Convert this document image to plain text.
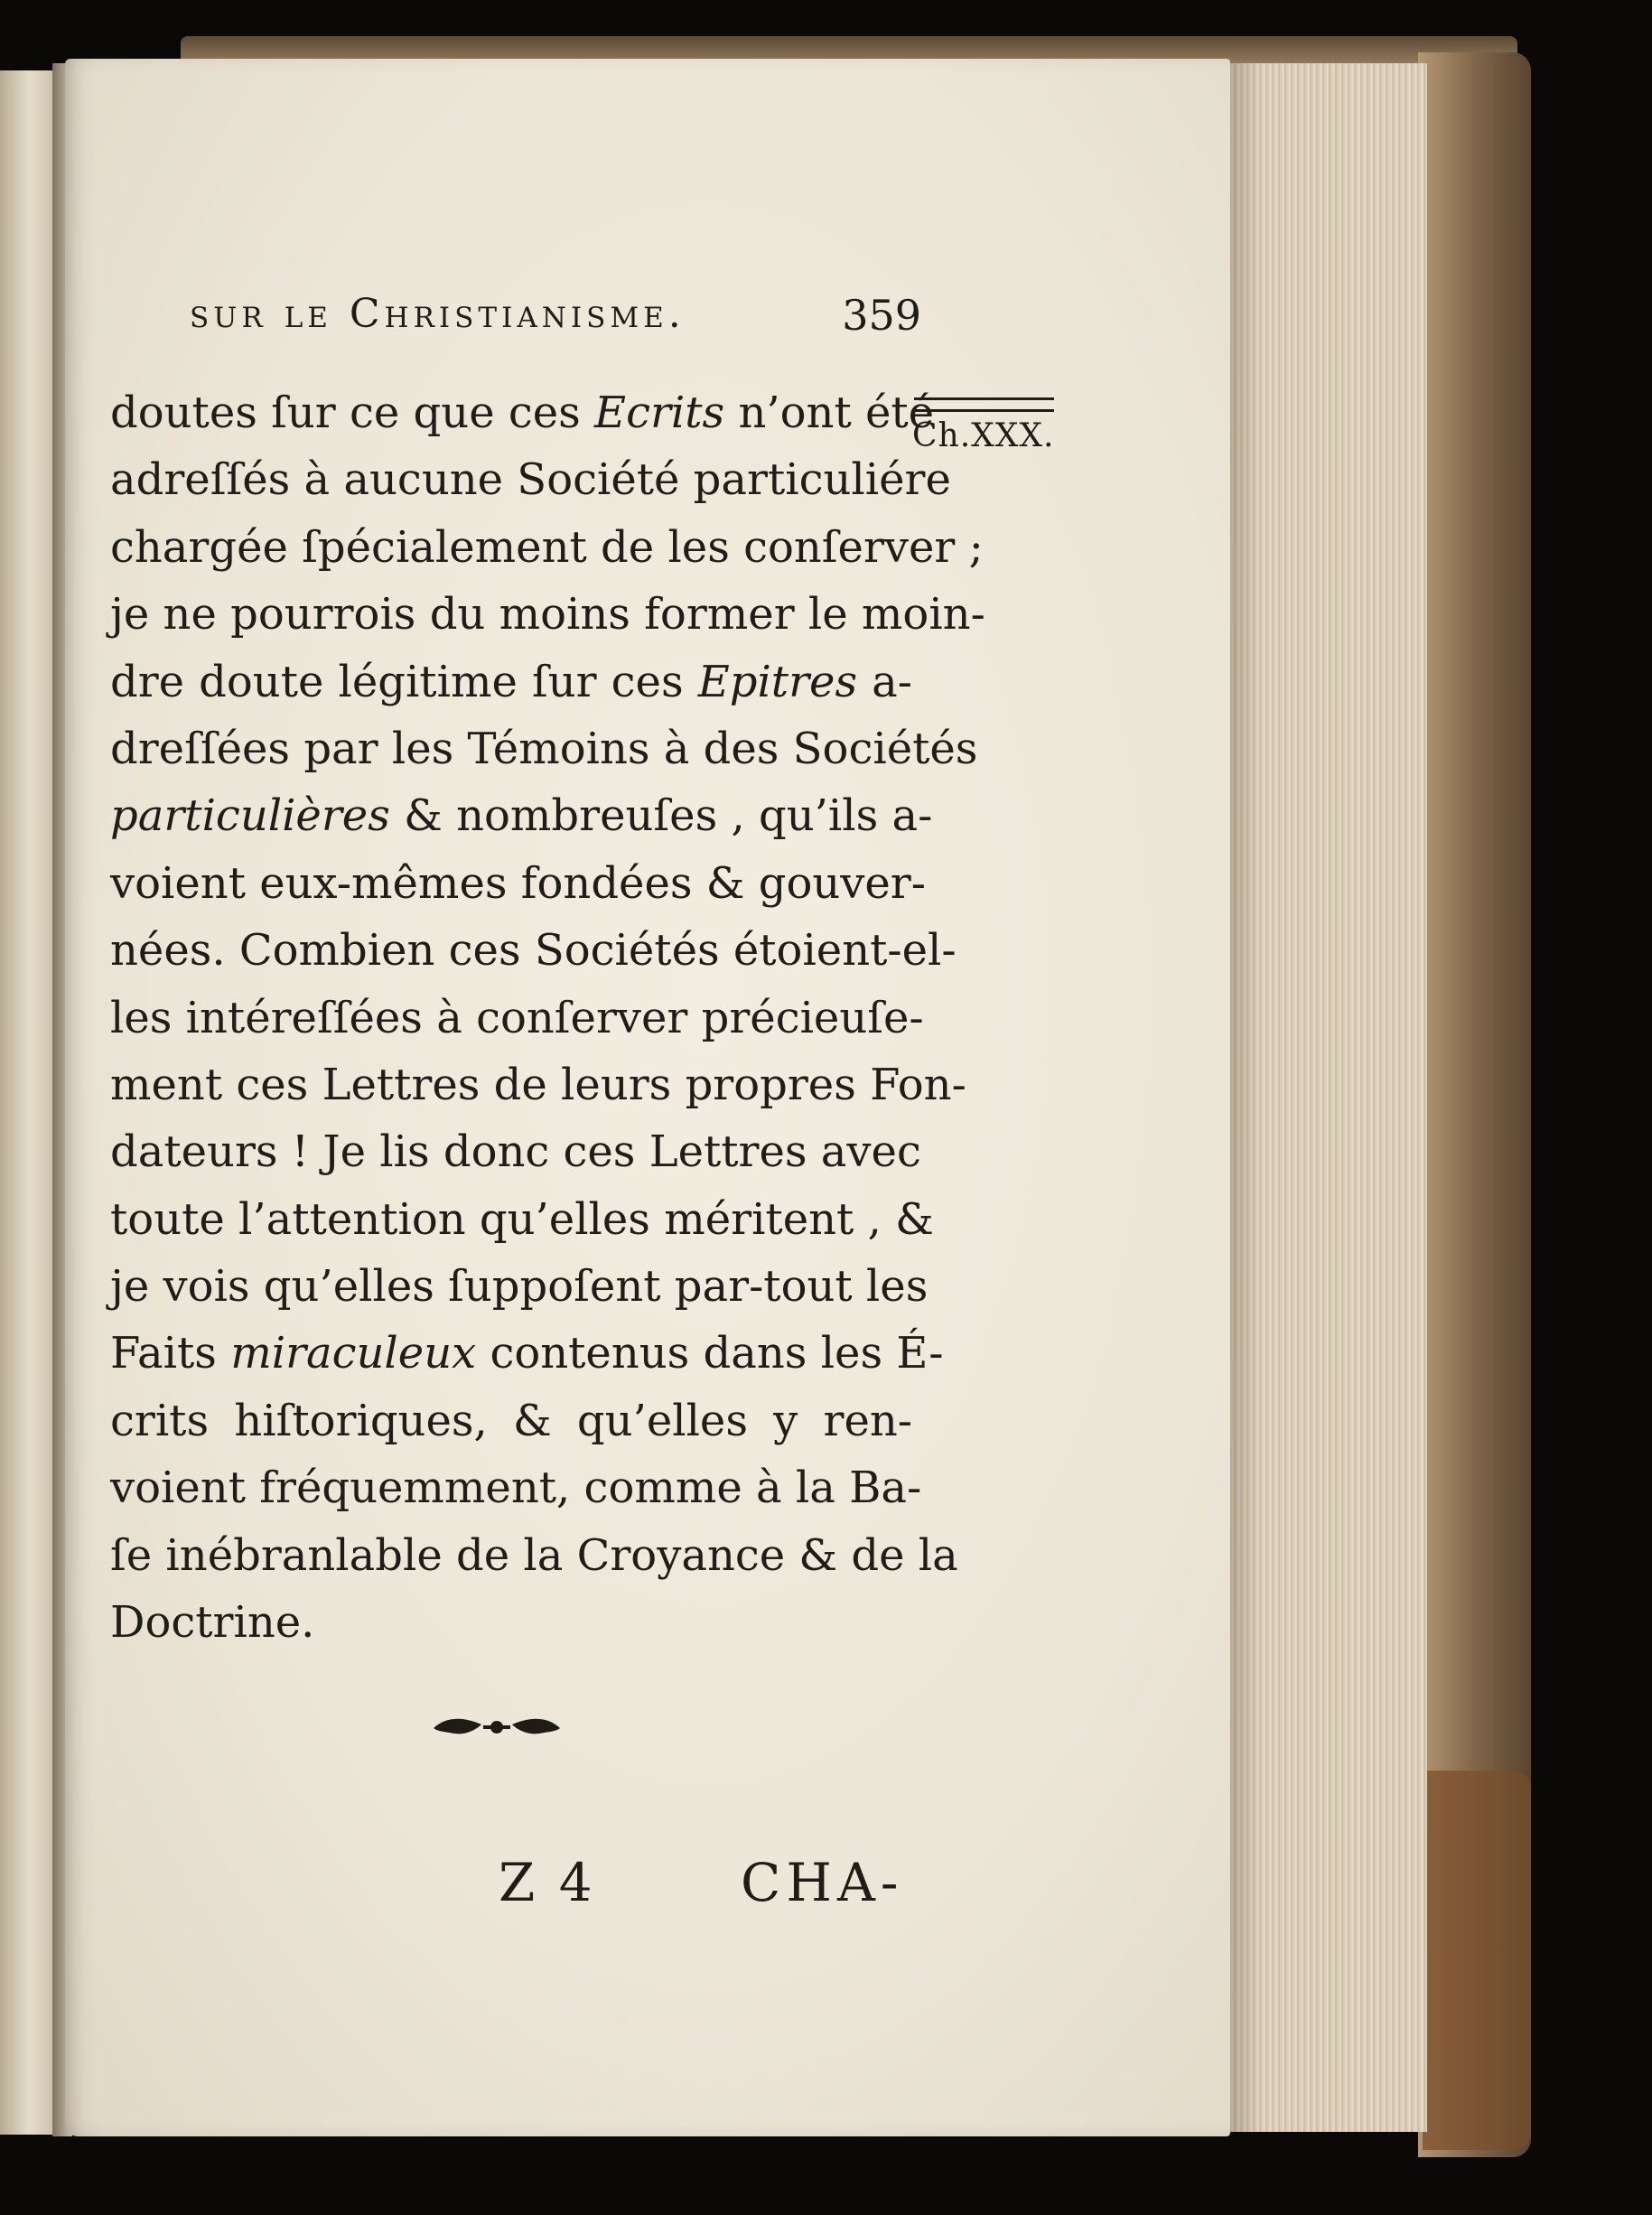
sur le Christianisme.	359
Ch.XXX.
doutes ſur ce que ces Ecrits n’ont été
adreſſés à aucune Société particuliére
chargée ſpécialement de les conſerver ;
je ne pourrois du moins former le moin-
dre doute légitime ſur ces Epitres a-
dreſſées par les Témoins à des Sociétés
particulières & nombreuſes , qu’ils a-
voient eux-mêmes fondées & gouver-
nées. Combien ces Sociétés étoient-el-
les intéreſſées à conſerver précieuſe-
ment ces Lettres de leurs propres Fon-
dateurs ! Je lis donc ces Lettres avec
toute l’attention qu’elles méritent , &
je vois qu’elles ſuppoſent par-tout les
Faits miraculeux contenus dans les É-
crits hiſtoriques, & qu’elles y ren-
voient fréquemment, comme à la Ba-
ſe inébranlable de la Croyance & de la
Doctrine.
Z 4	CHA-
